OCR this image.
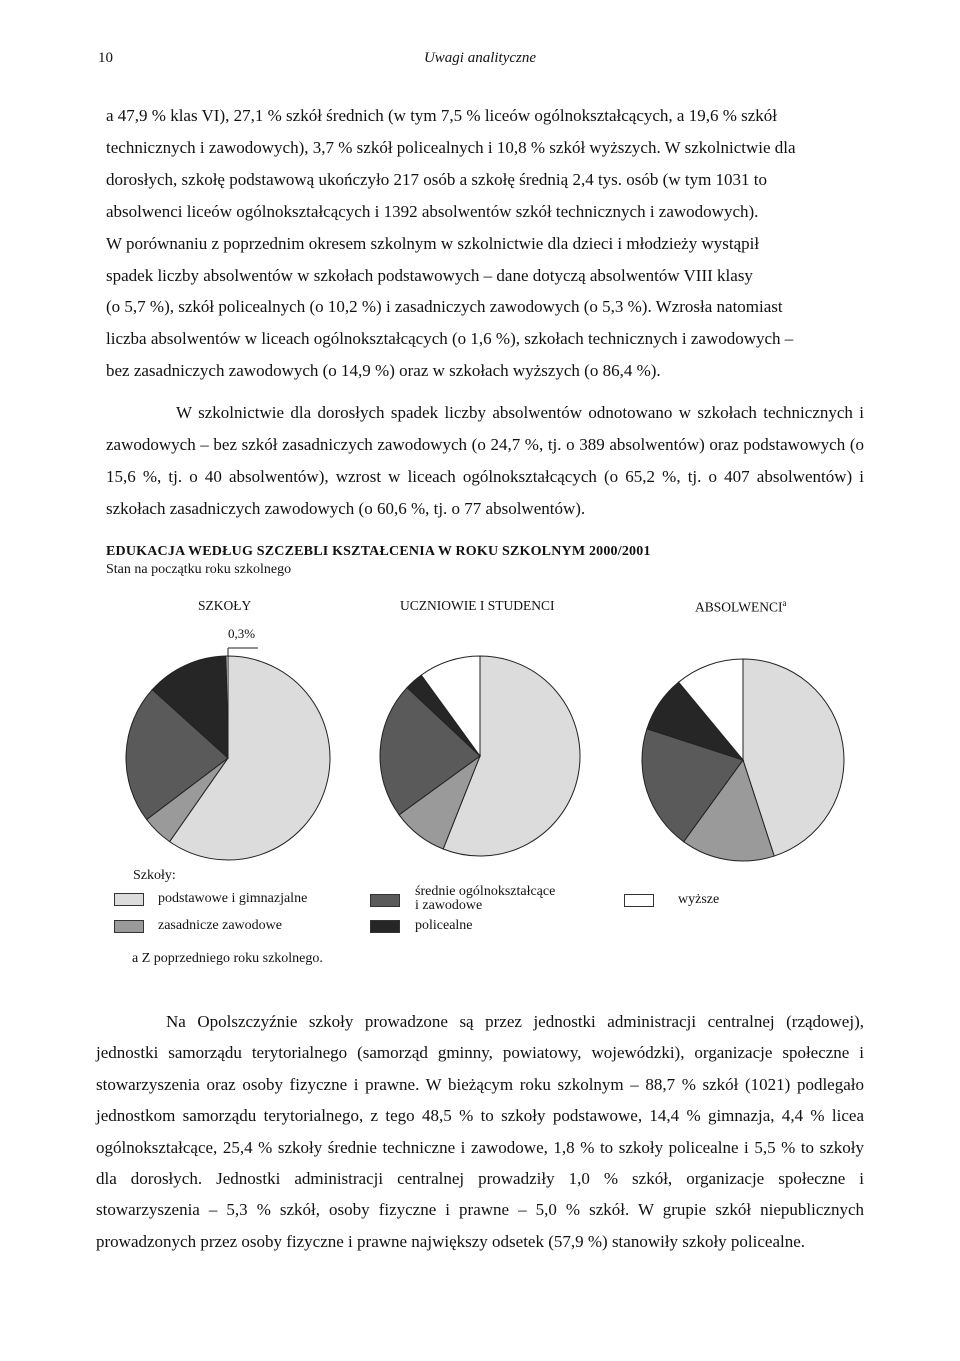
10	Uwagi analityczne

a 47,9 % klas VI), 27,1 % szkół średnich (w tym 7,5 % liceów ogólnokształcących, a 19,6 % szkół

technicznych i zawodowych), 3,7 % szkół policealnych i 10,8 % szkół wyższych. W szkolnictwie dla

dorosłych, szkołę podstawową ukończyło 217 osób a szkołę średnią 2,4 tys. osób (w tym 1031 to

absolwenci liceów ogólnokształcących i 1392 absolwentów szkół technicznych i zawodowych).

W porównaniu z poprzednim okresem szkolnym w szkolnictwie dla dzieci i młodzieży wystąpił

spadek liczby absolwentów w szkołach podstawowych – dane dotyczą absolwentów VIII klasy

(o 5,7 %), szkół policealnych (o 10,2 %) i zasadniczych zawodowych (o 5,3 %). Wzrosła natomiast

liczba absolwentów w liceach ogólnokształcących (o 1,6 %), szkołach technicznych i zawodowych –

bez zasadniczych zawodowych (o 14,9 %) oraz w szkołach wyższych (o 86,4 %).

W szkolnictwie dla dorosłych spadek liczby absolwentów odnotowano w szkołach technicznych i zawodowych – bez szkół zasadniczych zawodowych (o 24,7 %, tj. o 389 absolwentów) oraz podstawowych (o 15,6 %, tj. o 40 absolwentów), wzrost w liceach ogólnokształcących (o 65,2 %, tj. o 407 absolwentów) i szkołach zasadniczych zawodowych (o 60,6 %, tj. o 77 absolwentów).

EDUKACJA WEDŁUG SZCZEBLI KSZTAŁCENIA W ROKU SZKOLNYM 2000/2001
Stan na początku roku szkolnego
SZKOŁY	UCZNIOWIE I STUDENCI	ABSOLWENCI$^a$
0,3%
Szkoły:
podstawowe i gimnazjalne
zasadnicze zawodowe
średnie ogólnokształcące
i zawodowe
policealne
wyższe
a Z poprzedniego roku szkolnego.

Na Opolszczyźnie szkoły prowadzone są przez jednostki administracji centralnej (rządowej), jednostki samorządu terytorialnego (samorząd gminny, powiatowy, wojewódzki), organizacje społeczne i stowarzyszenia oraz osoby fizyczne i prawne. W bieżącym roku szkolnym – 88,7 % szkół (1021) podlegało jednostkom samorządu terytorialnego, z tego 48,5 % to szkoły podstawowe, 14,4 % gimnazja, 4,4 % licea ogólnokształcące, 25,4 % szkoły średnie techniczne i zawodowe, 1,8 % to szkoły policealne i 5,5 % to szkoły dla dorosłych. Jednostki administracji centralnej prowadziły 1,0 % szkół, organizacje społeczne i stowarzyszenia – 5,3 % szkół, osoby fizyczne i prawne – 5,0 % szkół. W grupie szkół niepublicznych prowadzonych przez osoby fizyczne i prawne największy odsetek (57,9 %) stanowiły szkoły policealne.
